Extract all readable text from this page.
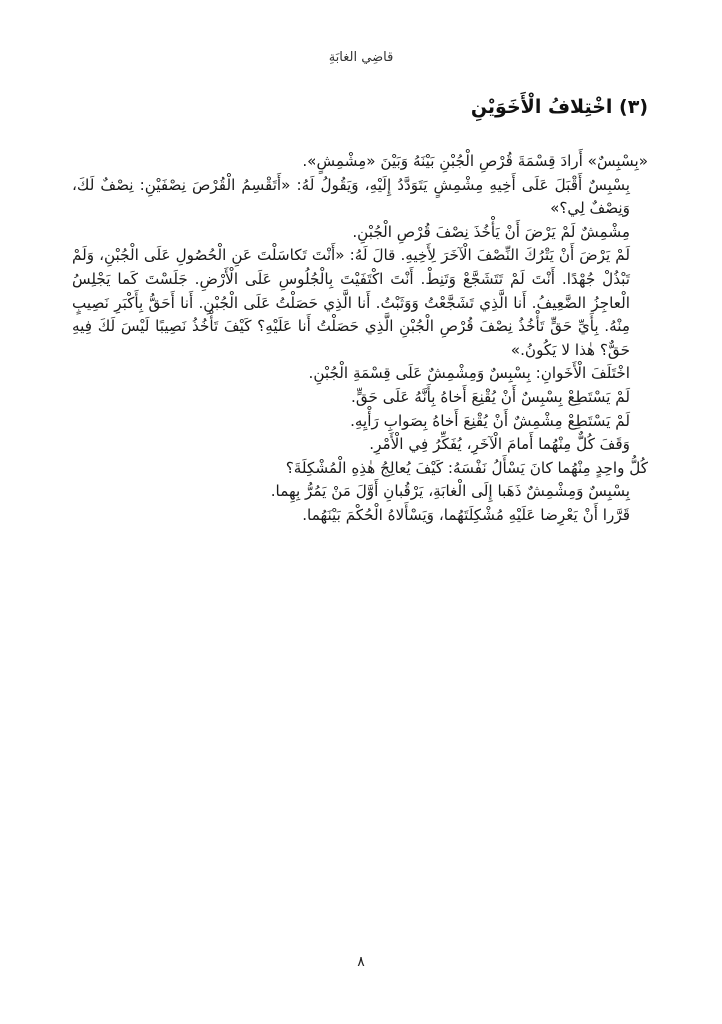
قاضِي الغابَةِ
(٣) اخْتِلافُ الْأَخَوَيْنِ

«بِسْبِسٌ» أَرادَ قِسْمَةَ قُرْصِ الْجُبْنِ بَيْنَهُ وَبَيْنَ «مِشْمِشٍ».

بِسْبِسٌ أَقْبَلَ عَلَى أَخِيهِ مِشْمِشٍ يَتَوَدَّدُ إِلَيْهِ، وَيَقُولُ لَهُ: «أَتَقْسِمُ الْقُرْصَ نِصْفَيْنِ: نِصْفٌ لَكَ، وَنِصْفٌ لِي؟»

مِشْمِشٌ لَمْ يَرْضَ أَنْ يَأْخُذَ نِصْفَ قُرْصِ الْجُبْنِ.

لَمْ يَرْضَ أَنْ يَتْرُكَ النِّصْفَ الْآخَرَ لِأَخِيهِ. قالَ لَهُ: «أَنْتَ تَكاسَلْتَ عَنِ الْحُصُولِ عَلَى الْجُبْنِ، وَلَمْ تَبْذُلْ جُهْدًا. أَنْتَ لَمْ تَتَشَجَّعْ وَتَنِطْ. أَنْتَ اكْتَفَيْتَ بِالْجُلُوسِ عَلَى الْأَرْضِ. جَلَسْتَ كَما يَجْلِسُ الْعاجِزُ الضَّعِيفُ. أَنا الَّذِي تَشَجَّعْتُ وَوَثَبْتُ. أَنا الَّذِي حَصَلْتُ عَلَى الْجُبْنِ. أَنا أَحَقُّ بِأَكْبَرِ نَصِيبٍ مِنْهُ. بِأَيِّ حَقٍّ تَأْخُذُ نِصْفَ قُرْصِ الْجُبْنِ الَّذِي حَصَلْتُ أَنا عَلَيْهِ؟ كَيْفَ تَأْخُذُ نَصِيبًا لَيْسَ لَكَ فِيهِ حَقٌّ؟ هٰذا لا يَكُونُ.»

اخْتَلَفَ الْأَخَوانِ: بِسْبِسٌ وَمِشْمِشٌ عَلَى قِسْمَةِ الْجُبْنِ.

لَمْ يَسْتَطِعْ بِسْبِسٌ أَنْ يُقْنِعَ أَخاهُ بِأَنَّهُ عَلَى حَقٍّ.

لَمْ يَسْتَطِعْ مِشْمِشٌ أَنْ يُقْنِعَ أَخاهُ بِصَوابِ رَأْيِهِ.

وَقَفَ كُلٌّ مِنْهُما أَمامَ الْآخَرِ، يُفَكِّرُ فِي الْأَمْرِ.

كُلُّ واحِدٍ مِنْهُما كانَ يَسْأَلُ نَفْسَهُ: كَيْفَ يُعالِجُ هٰذِهِ الْمُشْكِلَةَ؟

بِسْبِسٌ وَمِشْمِشٌ ذَهَبا إِلَى الْغابَةِ، يَرْقُبانِ أَوَّلَ مَنْ يَمُرُّ بِهِما.

قَرَّرا أَنْ يَعْرِضا عَلَيْهِ مُشْكِلَتَهُما، وَيَسْأَلاهُ الْحُكْمَ بَيْنَهُما.

٨
